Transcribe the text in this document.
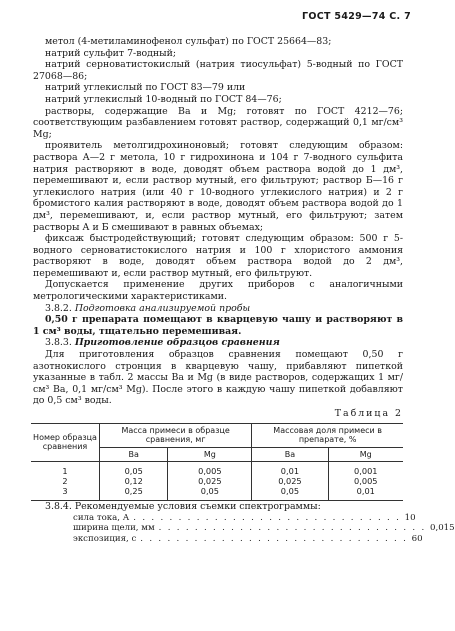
ГОСТ 5429—74 С. 7

метол (4-метиламинофенол сульфат) по ГОСТ 25664—83;

натрий сульфит 7-водный;

натрий серноватистокислый (натрия тиосульфат) 5-водный по ГОСТ 27068—86;

натрий углекислый по ГОСТ 83—79 или

натрий углекислый 10-водный по ГОСТ 84—76;

растворы, содержащие Ва и Mg; готовят по ГОСТ 4212—76; соответствующим разбавлением готовят раствор, содержащий 0,1 мг/см³ Mg;

проявитель метолгидрохиноновый; готовят следующим образом: раствора А—2 г метола, 10 г гидрохинона и 104 г 7-водного сульфита натрия растворяют в воде, доводят объем раствора водой до 1 дм³, перемешивают и, если раствор мутный, его фильтруют; раствор Б—16 г углекислого натрия (или 40 г 10-водного углекислого натрия) и 2 г бромистого калия растворяют в воде, доводят объем раствора водой до 1 дм³, перемешивают, и, если раствор мутный, его фильтруют; затем растворы А и Б смешивают в равных объемах;

фиксаж быстродействующий; готовят следующим образом: 500 г 5-водного серноватистокислого натрия и 100 г хлористого аммония растворяют в воде, доводят объем раствора водой до 2 дм³, перемешивают и, если раствор мутный, его фильтруют.

Допускается применение других приборов с аналогичными метрологическими характеристиками.

3.8.2. Подготовка анализируемой пробы

0,50 г препарата помещают в кварцевую чашу и растворяют в 1 см³ воды, тщательно перемешивая.

3.8.3. Приготовление образцов сравнения

Для приготовления образцов сравнения помещают 0,50 г азотнокислого стронция в кварцевую чашу, прибавляют пипеткой указанные в табл. 2 массы Ва и Mg (в виде растворов, содержащих 1 мг/см³ Ва, 0,1 мг/см³ Mg). После этого в каждую чашу пипеткой добавляют до 0,5 см³ воды.

Таблица 2
Номер образца сравнения	Масса примеси в образце сравнения, мг		Массовая доля примеси в препарате, %	
	Ва	Mg	Ва	Mg
1	0,05	0,005	0,01	0,001
2	0,12	0,025	0,025	0,005
3	0,25	0,05	0,05	0,01

3.8.4. Рекомендуемые условия съемки спектрограммы:

сила тока, А . . . . . . . . . . . . . . . . . . . . . . . . . . . . . . 10
ширина щели, мм . . . . . . . . . . . . . . . . . . . . . . . . . . . . . . 0,015
экспозиция, с . . . . . . . . . . . . . . . . . . . . . . . . . . . . . . 60
